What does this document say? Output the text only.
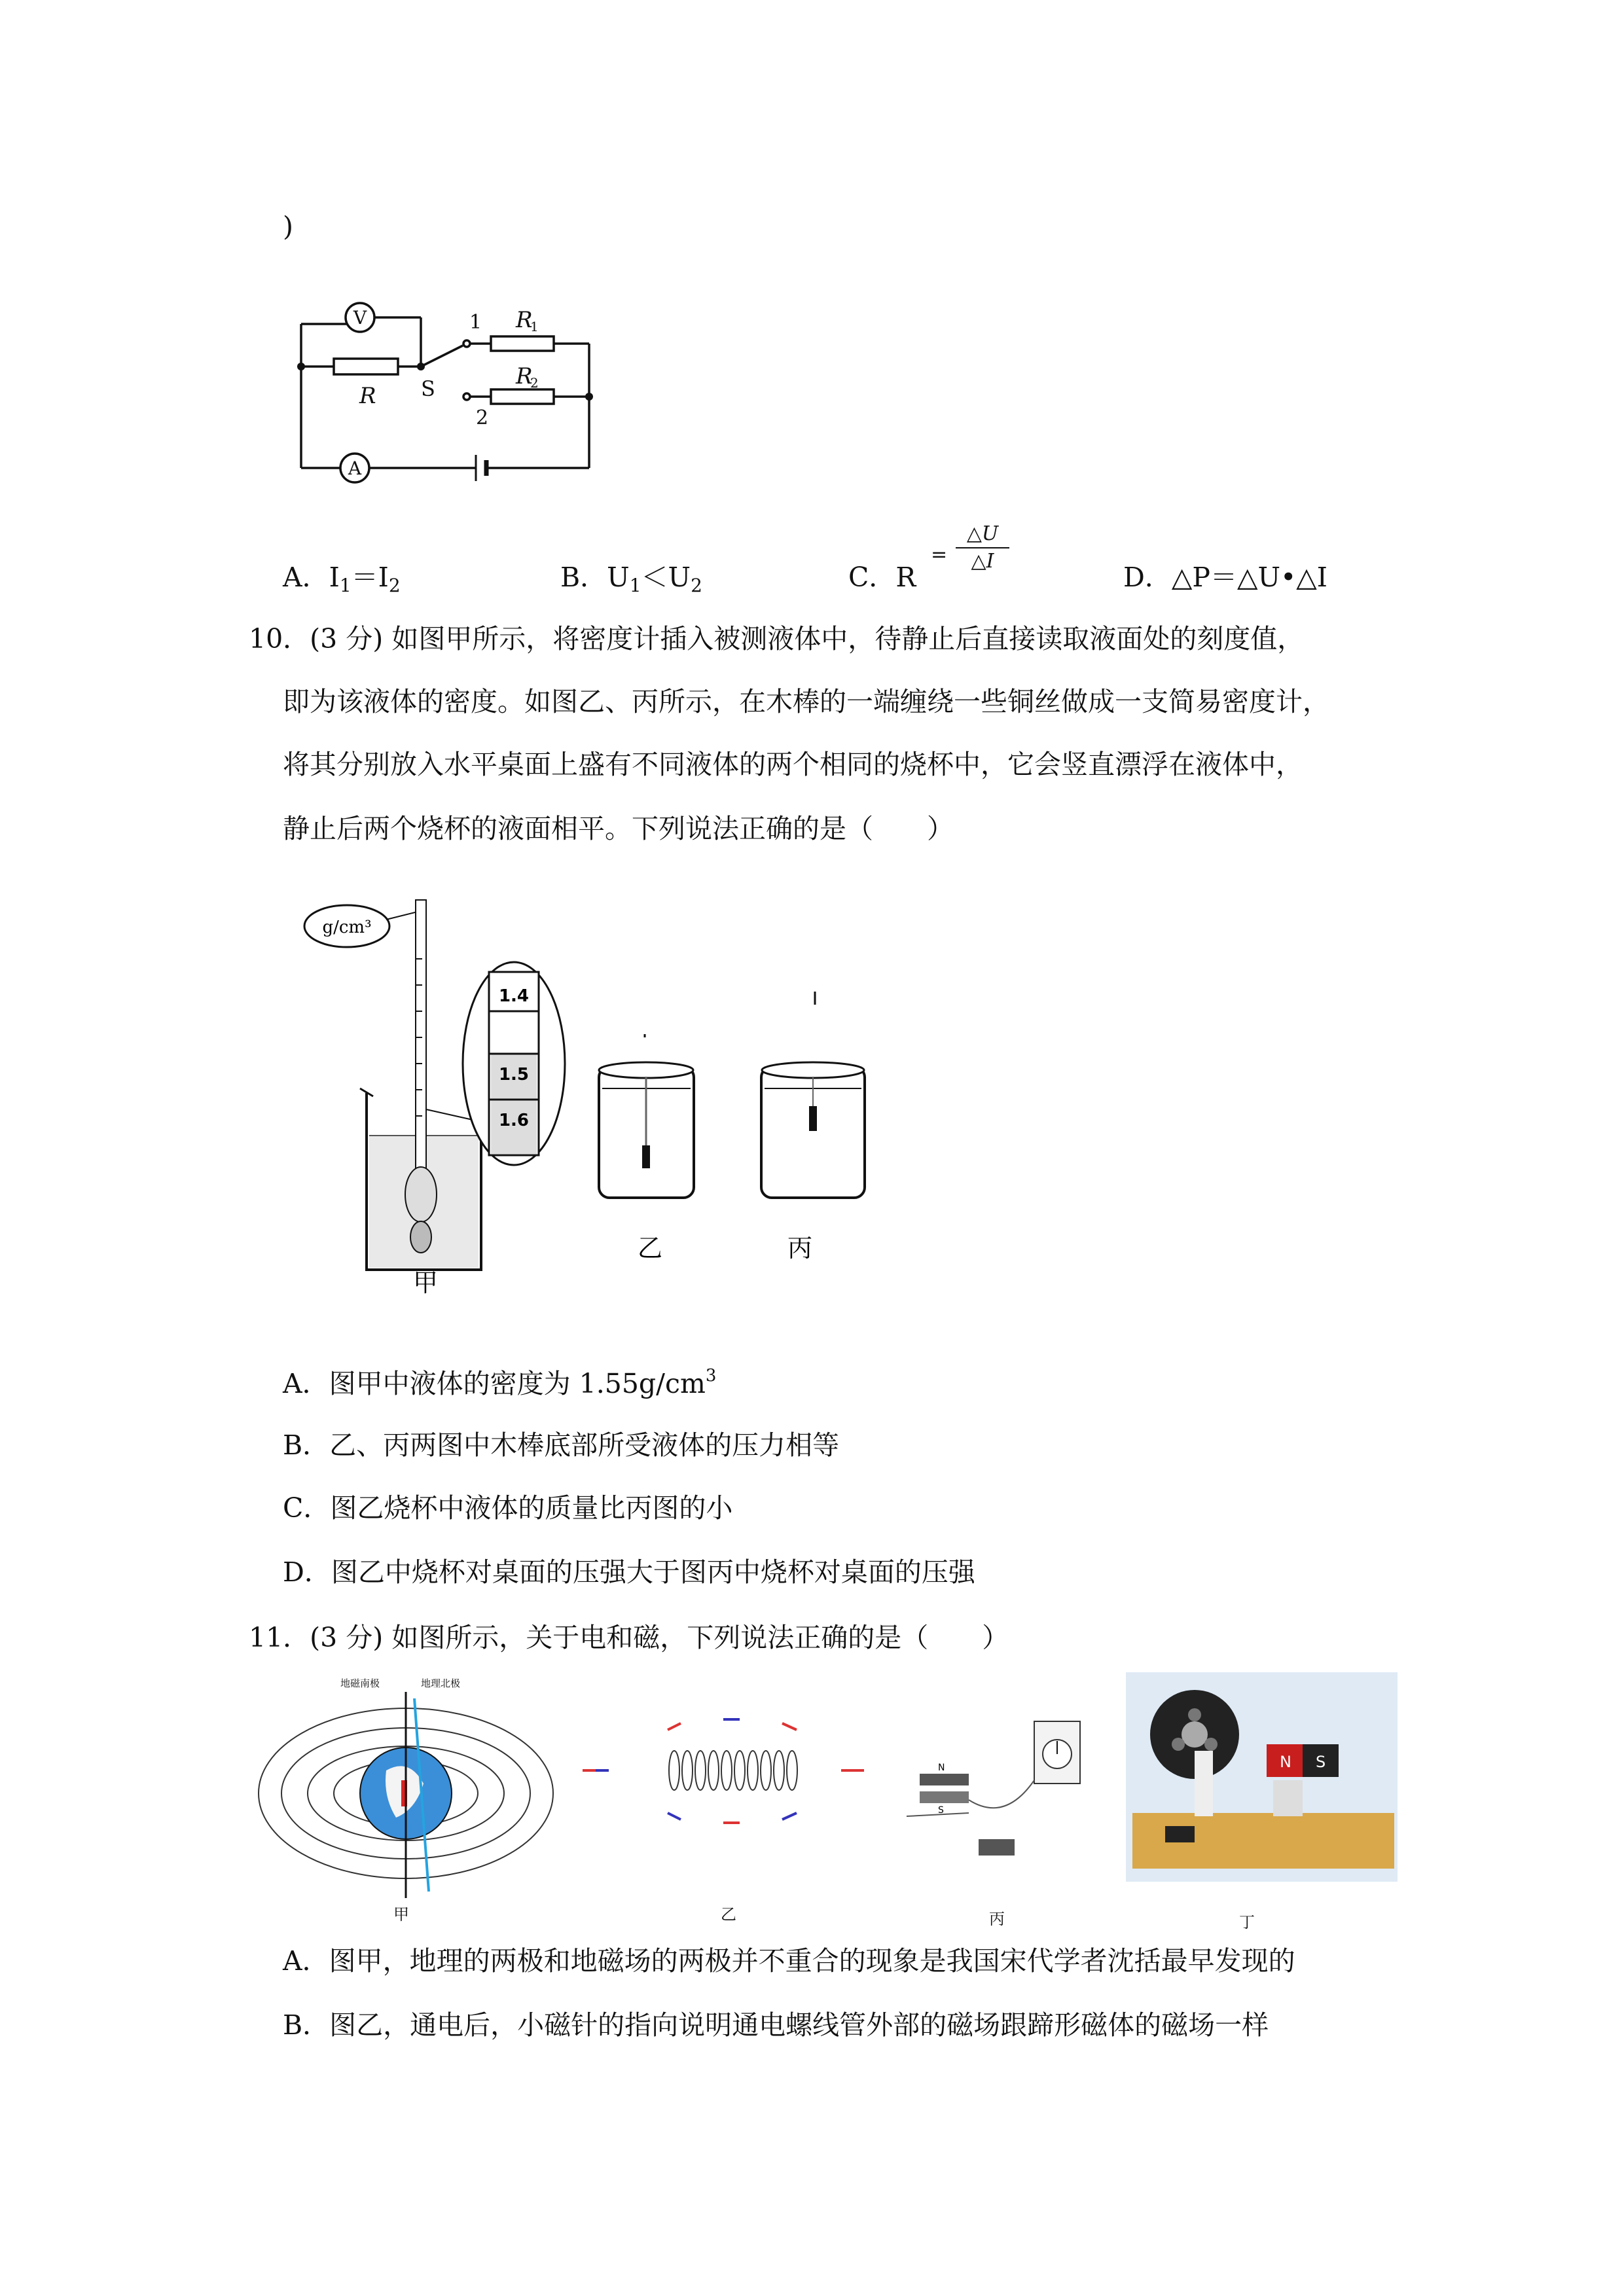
)
V
A
R
R
1
R
2
S
1
2
A．$I_1=I_2$	B．$U_1<U_2$	C．R
=
△U
△I
D．△P＝△U•△I
10．(3 分) 如图甲所示，将密度计插入被测液体中，待静止后直接读取液面处的刻度值，
即为该液体的密度。如图乙、丙所示，在木棒的一端缠绕一些铜丝做成一支简易密度计，
将其分别放入水平桌面上盛有不同液体的两个相同的烧杯中，它会竖直漂浮在液体中，
静止后两个烧杯的液面相平。下列说法正确的是（　　）
g/cm³
1.4
1.5
1.6
甲
乙	丙
A．图甲中液体的密度为 $1.55g/cm^3$
B．乙、丙两图中木棒底部所受液体的压力相等
C．图乙烧杯中液体的质量比丙图的小
D．图乙中烧杯对桌面的压强大于图丙中烧杯对桌面的压强
11．(3 分) 如图所示，关于电和磁，下列说法正确的是（　　）
地磁南极	地理北极
N
S
N S
甲	乙	丙	丁
A．图甲，地理的两极和地磁场的两极并不重合的现象是我国宋代学者沈括最早发现的
B．图乙，通电后，小磁针的指向说明通电螺线管外部的磁场跟蹄形磁体的磁场一样
